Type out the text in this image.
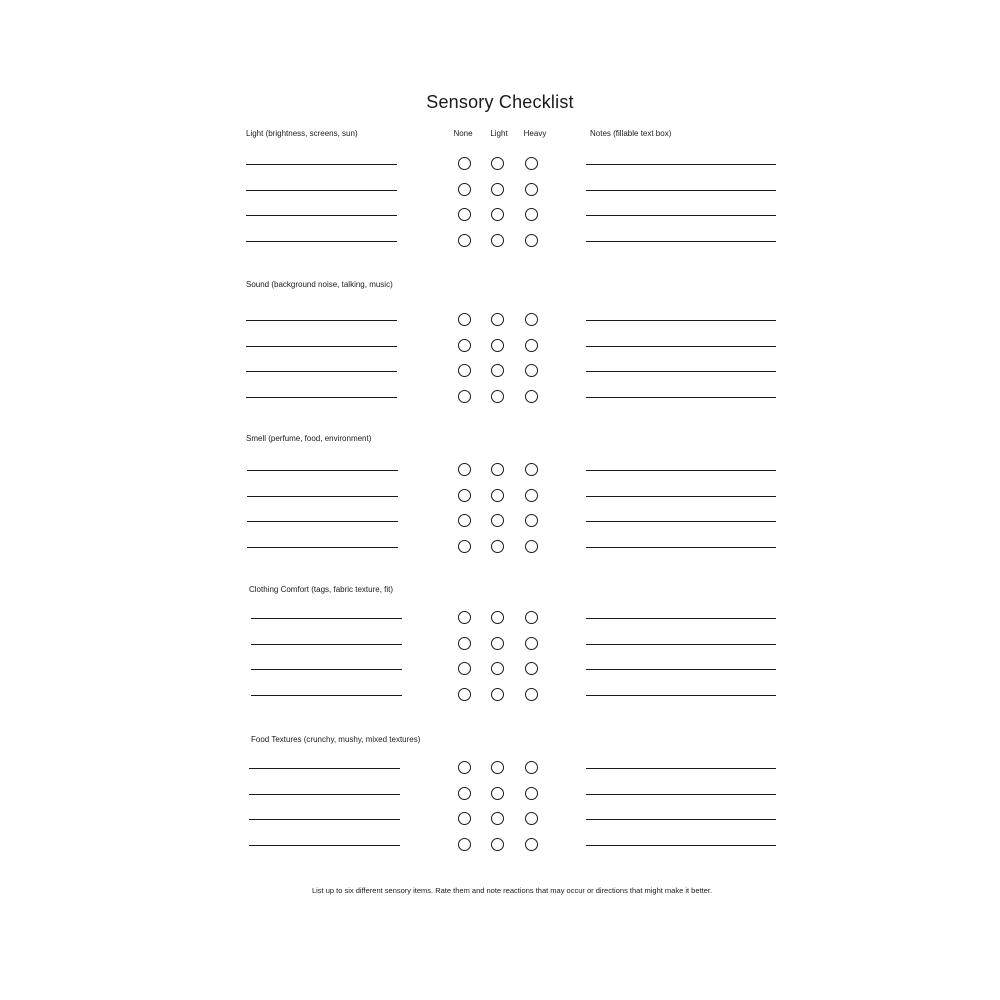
Sensory Checklist
None	Light	Heavy	Notes (fillable text box)
Light (brightness, screens, sun)
Sound (background noise, talking, music)
Smell (perfume, food, environment)
Clothing Comfort (tags, fabric texture, fit)
Food Textures (crunchy, mushy, mixed textures)
List up to six different sensory items. Rate them and note reactions that may occur or directions that might make it better.
